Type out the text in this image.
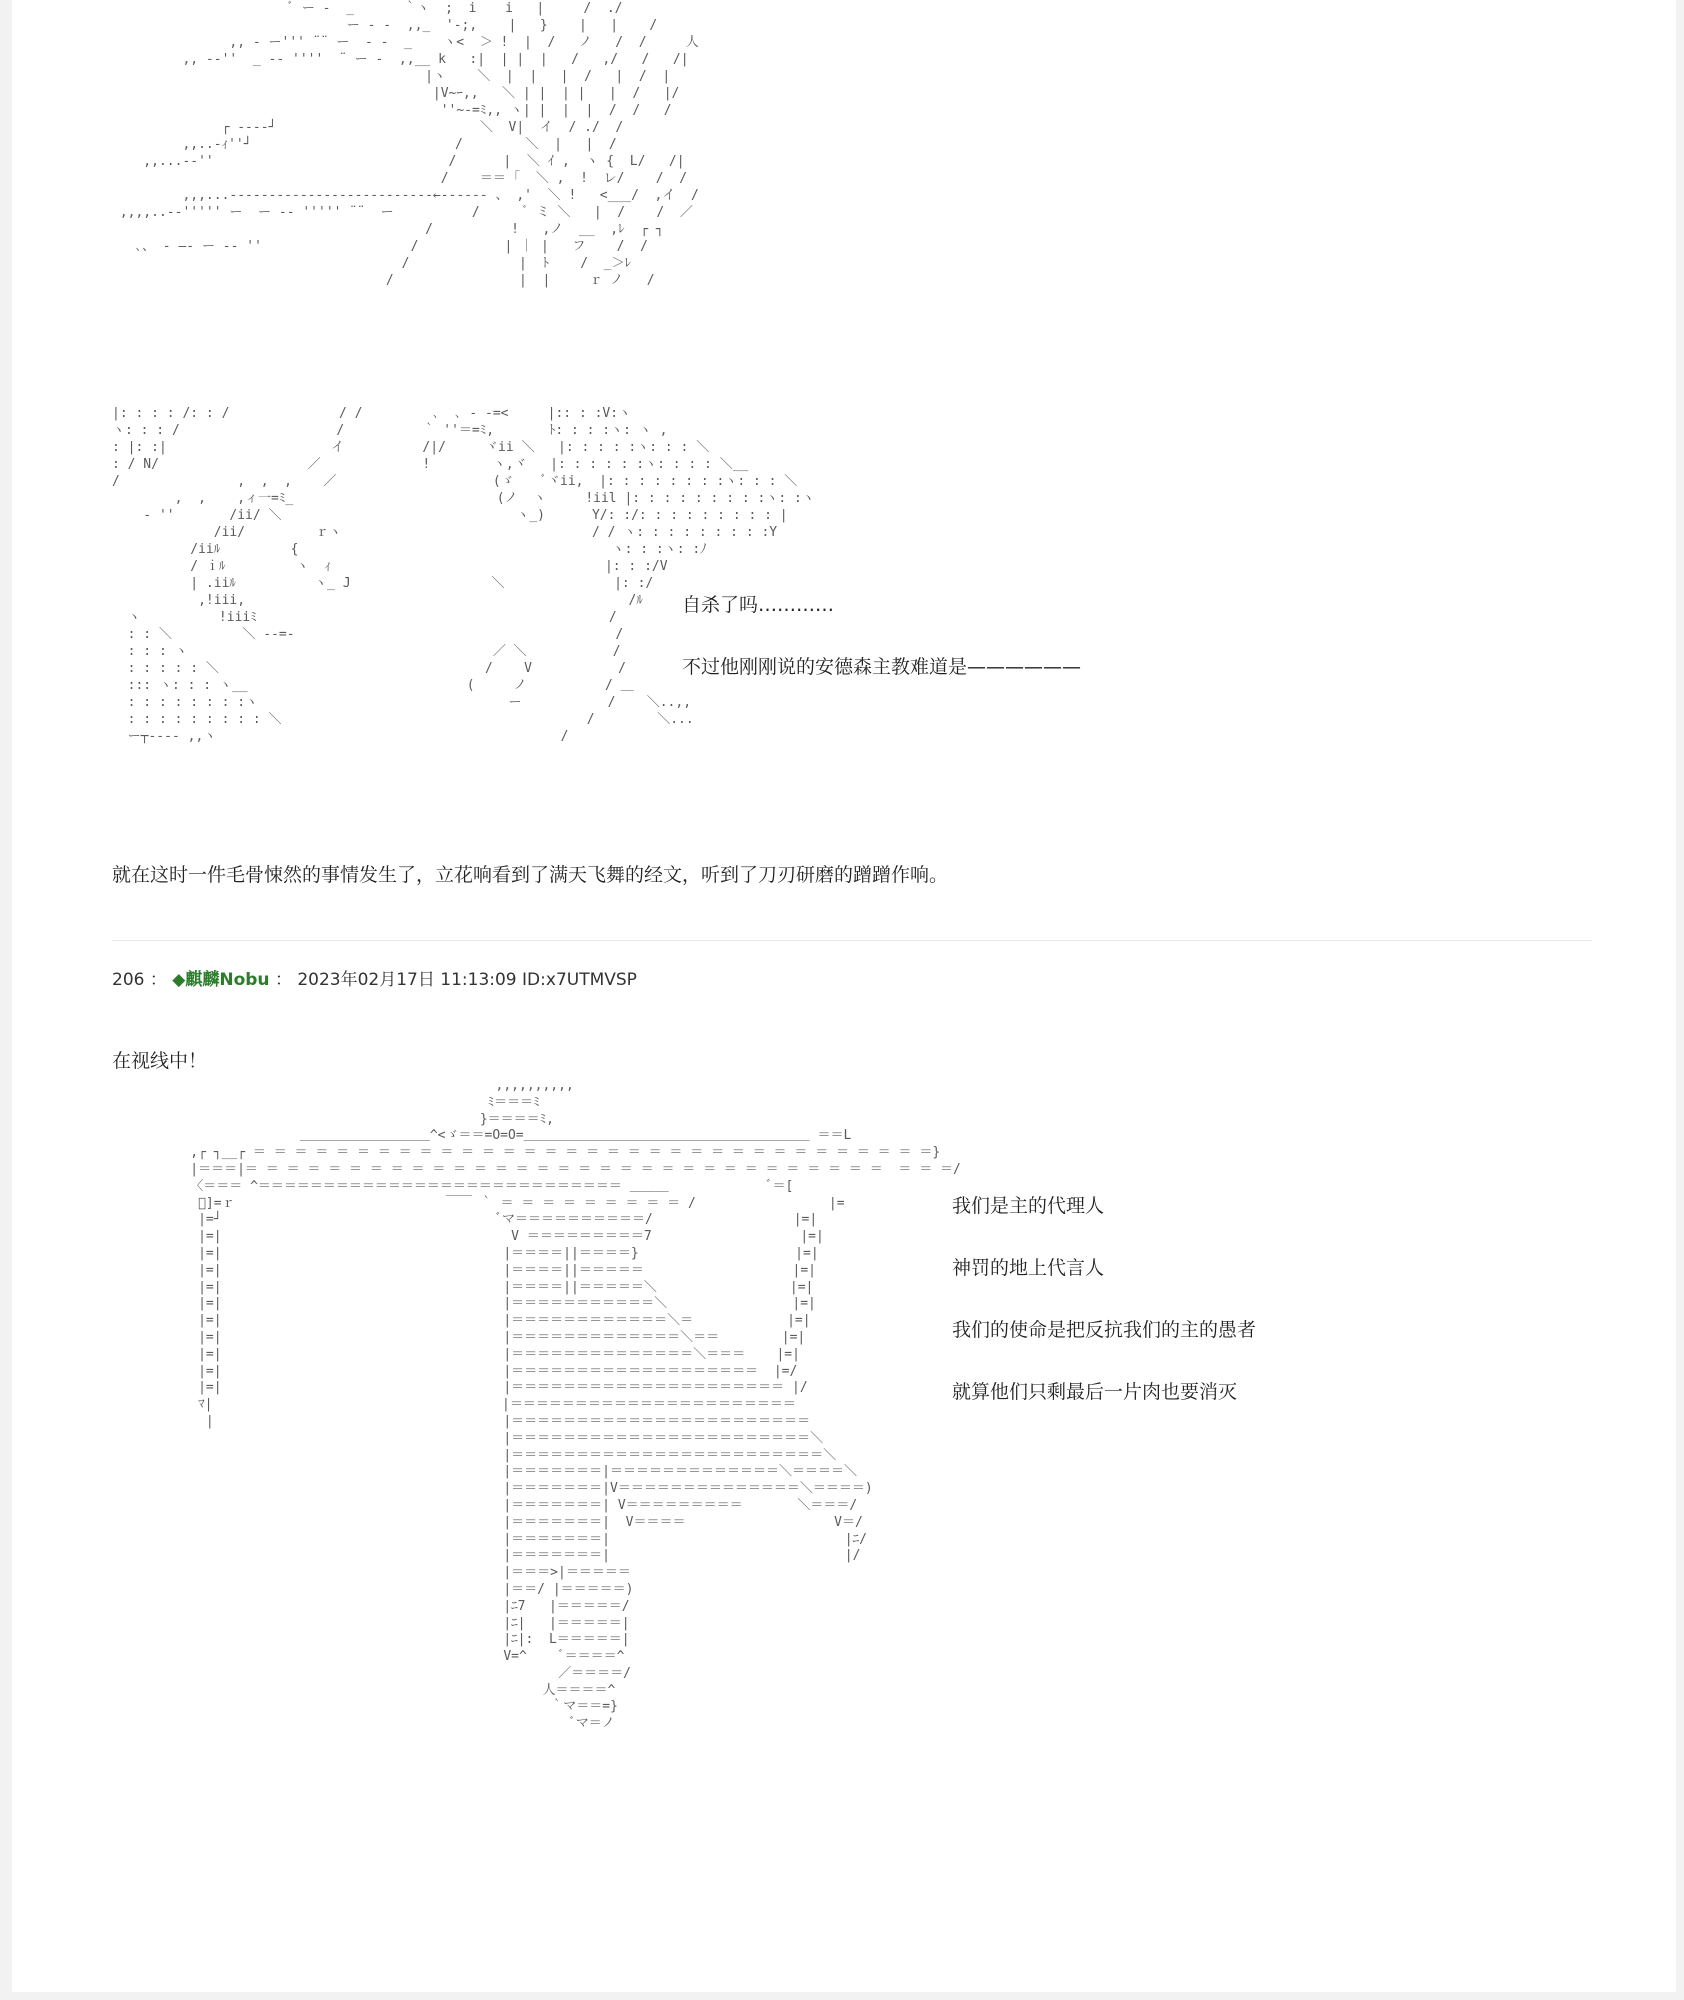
ﾞ ー -  _ 　 　 ｀ヽ  ;  i　  i   |     /  ./
ー ‐ -  ,,_  '‐;,    |   }    |   |    /
,, - ー''' ¨¨ ー  ‐ -  _    ヽ<  ＞ !  |  /   ノ   /  /     人
,, -‐''  _ -‐ ''''  ¨ ー -  ,,__ k   :|  | |  |   /   ,/   /   /|
|ヽ    ＼  |  |   |  /   |  /  |
|V~ｰ,,   ＼ | |  | |   |  /   |/
''~-=ﾐ,, ヽ| |  |  |  /  /   /
┌ ‐---┘                          ＼  V|  イ  / ./  /
,,..-ｨ''┘                          /        ＼  |   |  /
,,...--''                              /      |  ＼ ｲ ,  ヽ {  L/   /|
/    ＝＝ ｢  ＼ ,  !  レ/    /  /
,,,...--------------------------←------ 、 ,'  ＼ !   <___/  ,イ  /
,,,,..--''''' ー  ー ‐‐ ''''' ¨¨  ー          /      ﾞ ミ ＼   |  /    /  ／
/          !   ,ノ  __  ,ﾚ  ┌ ┐
､、 ‐ ―‐ ー ‐‐ ''                   /           | ｜ |   フ    /  /
/              |  ﾄ    /  _＞ﾚ
/                |  |     ｒ ノ   /

|: : : : /: : /              / /         ､  ､ - -=<     |:: : :V:ヽ
ヽ: : : /                    /          ｀ ''＝=ﾐ,       ﾄ: : : :ヽ: ヽ ,
: |: :|                     イ          /|/     ヾii ＼   |: : : : :ヽ: : : ＼
: / N/                   ／             !        ヽ,ヾ   |: : : : : :ヽ: : : : ＼__
/               ,  ,  ,    ／                    (ゞ    ﾞヾii,  |: : : : : : : :ヽ: : : ＼
,  ,    ,ィ一=ﾐ_                          (ノ  ヽ     !iil |: : : : : : : : :ヽ: :ヽ
‐ ''       /ii/ ＼                              ヽ_)      Y/: :/: : : : : : : : : |
/ii/         ｒヽ                                / / ヽ: : : : : : : : :Y
/iiﾙ         {                                        ヽ: : :ヽ: :ﾉ
/ ｉﾙ         ヽ  ｨ                                   |: : :/V
| .iiﾙ          ヽ_ J                  ＼              |: :/
,!iii,                                                 /ﾙ
ヽ          !iiiﾐ                                             /
: : ＼         ＼ --=-                                         /
: : : ヽ                                       ／ ＼           /
: : : : : ＼                                  /    V           /
::: ヽ: : : ヽ__                            (     ノ          / ＿
: : : : : : : :ヽ                                ー           /    ＼..,,
: : : : : : : : : ＼                                       /        ＼...
ー┬-‐-- ,,ヽ                                            /

自杀了吗…………
不过他刚刚说的安德森主教难道是——————
就在这时一件毛骨悚然的事情发生了，立花响看到了满天飞舞的经文，听到了刀刃研磨的蹭蹭作响。
206 ： ◆麒麟Nobu ： 2023年02月17日 11:13:09 ID:x7UTMVSP
在视线中！
,,,,,,,,,,
ﾐ＝＝＝ﾐ
}＝＝＝＝ﾐ,
＿＿＿＿＿＿＿＿＿＿^<ゞ＝＝=O=O=＿＿＿＿＿＿＿＿＿＿＿＿＿＿＿＿＿＿＿＿＿＿ ＝＝L
,┌ ┐__┌ ＝ ＝ ＝ ＝ ＝ ＝ ＝ ＝ ＝ ＝ ＝ ＝ ＝ ＝ ＝ ＝ ＝ ＝ ＝ ＝ ＝ ＝ ＝ ＝ ＝ ＝ ＝ ＝ ＝ ＝ ＝ ＝ ＝}
|＝＝＝|＝ ＝ ＝ ＝ ＝ ＝ ＝ ＝ ＝ ＝ ＝ ＝ ＝ ＝ ＝ ＝ ＝ ＝ ＝ ＝ ＝ ＝ ＝ ＝ ＝ ＝ ＝ ＝ ＝ ＝ ＝  ＝ ＝ ＝/
〈＝＝＝ ^＝＝＝＝＝＝＝＝＝＝＝＝＝＝＝＝＝＝＝＝＝＝＝＝＝＝＝＝ ＿＿＿             ﾞ＝[
ﾞ]=ｒ                           ￣￣ ｀ ＝ ＝ ＝ ＝ ＝ ＝ ＝ ＝ ＝ /                 |=
|=┘                                   ﾞマ＝＝＝＝＝＝＝＝＝＝/                  |=|
|=|                                     V ＝＝＝＝＝＝＝＝＝7                   |=|
|=|                                    |＝＝＝＝||＝＝＝＝}                    |=|
|=|                                    |＝＝＝＝||＝＝＝＝＝                   |=|
|=|                                    |＝＝＝＝||＝＝＝＝＝＼                 |=|
|=|                                    |＝＝＝＝＝＝＝＝＝＝＝＼                |=|
|=|                                    |＝＝＝＝＝＝＝＝＝＝＝＝＼＝            |=|
|=|                                    |＝＝＝＝＝＝＝＝＝＝＝＝＝＼＝＝        |=|
|=|                                    |＝＝＝＝＝＝＝＝＝＝＝＝＝＝＼＝＝＝    |=|
|=|                                    |＝＝＝＝＝＝＝＝＝＝＝＝＝＝＝＝＝＝＝  |=/
|=|                                    |＝＝＝＝＝＝＝＝＝＝＝＝＝＝＝＝＝＝＝＝＝ |/
ﾏ|                                     |＝＝＝＝＝＝＝＝＝＝＝＝＝＝＝＝＝＝＝＝＝＝
|                                     |＝＝＝＝＝＝＝＝＝＝＝＝＝＝＝＝＝＝＝＝＝＝＝
|＝＝＝＝＝＝＝＝＝＝＝＝＝＝＝＝＝＝＝＝＝＝＝＼
|＝＝＝＝＝＝＝＝＝＝＝＝＝＝＝＝＝＝＝＝＝＝＝＝＼
|＝＝＝＝＝＝＝|＝＝＝＝＝＝＝＝＝＝＝＝＝＼＝＝＝＝＼
|＝＝＝＝＝＝＝|V＝＝＝＝＝＝＝＝＝＝＝＝＝＝＼＝＝＝＝)
|＝＝＝＝＝＝＝| V＝＝＝＝＝＝＝＝＝       ＼＝＝＝/
|＝＝＝＝＝＝＝|  V＝＝＝＝                   V＝/
|＝＝＝＝＝＝＝|                              |ﾆ/
|＝＝＝＝＝＝＝|                              |/
|＝＝＝>|＝＝＝＝＝
|＝＝/ |＝＝＝＝＝)
|ﾆ7   |＝＝＝＝＝/
|ﾆ|   |＝＝＝＝＝|
|ﾆ|:  L＝＝＝＝＝|
V=^    ﾞ＝＝＝＝^
／＝＝＝＝/
人＝＝＝＝^
｀マ＝＝=}
ﾞマ＝ノ

我们是主的代理人
神罚的地上代言人
我们的使命是把反抗我们的主的愚者
就算他们只剩最后一片肉也要消灭
